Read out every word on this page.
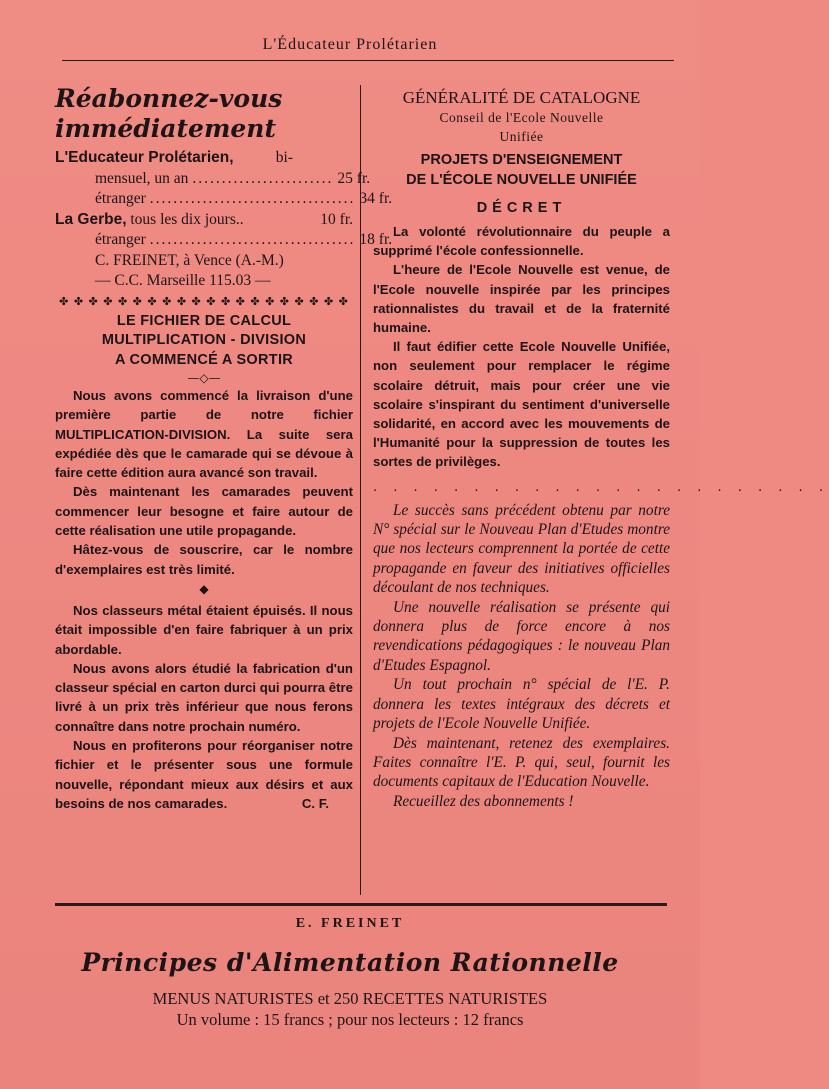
L'Éducateur Prolétarien
Réabonnez-vous
immédiatement
L'Educateur Prolétarien,	bi-
mensuel, un an ........................ 25 fr.
étranger ................................... 34 fr.
La Gerbe, tous les dix jours..	10 fr.
étranger ................................... 18 fr.
C. FREINET, à Vence (A.-M.)
— C.C. Marseille 115.03 —
✤ ✤ ✤ ✤ ✤ ✤ ✤ ✤ ✤ ✤ ✤ ✤ ✤ ✤ ✤ ✤ ✤ ✤ ✤ ✤
LE FICHIER DE CALCUL
MULTIPLICATION - DIVISION
A COMMENCÉ A SORTIR
—◇—

Nous avons commencé la livraison d'une première partie de notre fichier MULTIPLICATION-DIVISION. La suite sera expédiée dès que le camarade qui se dévoue à faire cette édition aura avancé son travail.

Dès maintenant les camarades peuvent commencer leur besogne et faire autour de cette réalisation une utile propagande.

Hâtez-vous de souscrire, car le nombre d'exemplaires est très limité.

◆

Nos classeurs métal étaient épuisés. Il nous était impossible d'en faire fabriquer à un prix abordable.

Nous avons alors étudié la fabrication d'un classeur spécial en carton durci qui pourra être livré à un prix très inférieur que nous ferons connaître dans notre prochain numéro.

Nous en profiterons pour réorganiser notre fichier et le présenter sous une formule nouvelle, répondant mieux aux désirs et aux besoins de nos camarades.	C. F.
GÉNÉRALITÉ DE CATALOGNE
Conseil de l'Ecole Nouvelle
Unifiée
PROJETS D'ENSEIGNEMENT
DE L'ÉCOLE NOUVELLE UNIFIÉE
DÉCRET

La volonté révolutionnaire du peuple a supprimé l'école confessionnelle.

L'heure de l'Ecole Nouvelle est venue, de l'Ecole nouvelle inspirée par les principes rationnalistes du travail et de la fraternité humaine.

Il faut édifier cette Ecole Nouvelle Unifiée, non seulement pour remplacer le régime scolaire détruit, mais pour créer une vie scolaire s'inspirant du sentiment d'universelle solidarité, en accord avec les mouvements de l'Humanité pour la suppression de toutes les sortes de privilèges.

. . . . . . . . . . . . . . . . . . . . . . .

Le succès sans précédent obtenu par notre N° spécial sur le Nouveau Plan d'Etudes montre que nos lecteurs comprennent la portée de cette propagande en faveur des initiatives officielles découlant de nos techniques.

Une nouvelle réalisation se présente qui donnera plus de force encore à nos revendications pédagogiques : le nouveau Plan d'Etudes Espagnol.

Un tout prochain n° spécial de l'E. P. donnera les textes intégraux des décrets et projets de l'Ecole Nouvelle Unifiée.

Dès maintenant, retenez des exemplaires. Faites connaître l'E. P. qui, seul, fournit les documents capitaux de l'Education Nouvelle.

Recueillez des abonnements !

E. FREINET
Principes d'Alimentation Rationnelle
MENUS NATURISTES et 250 RECETTES NATURISTES
Un volume : 15 francs ; pour nos lecteurs : 12 francs
